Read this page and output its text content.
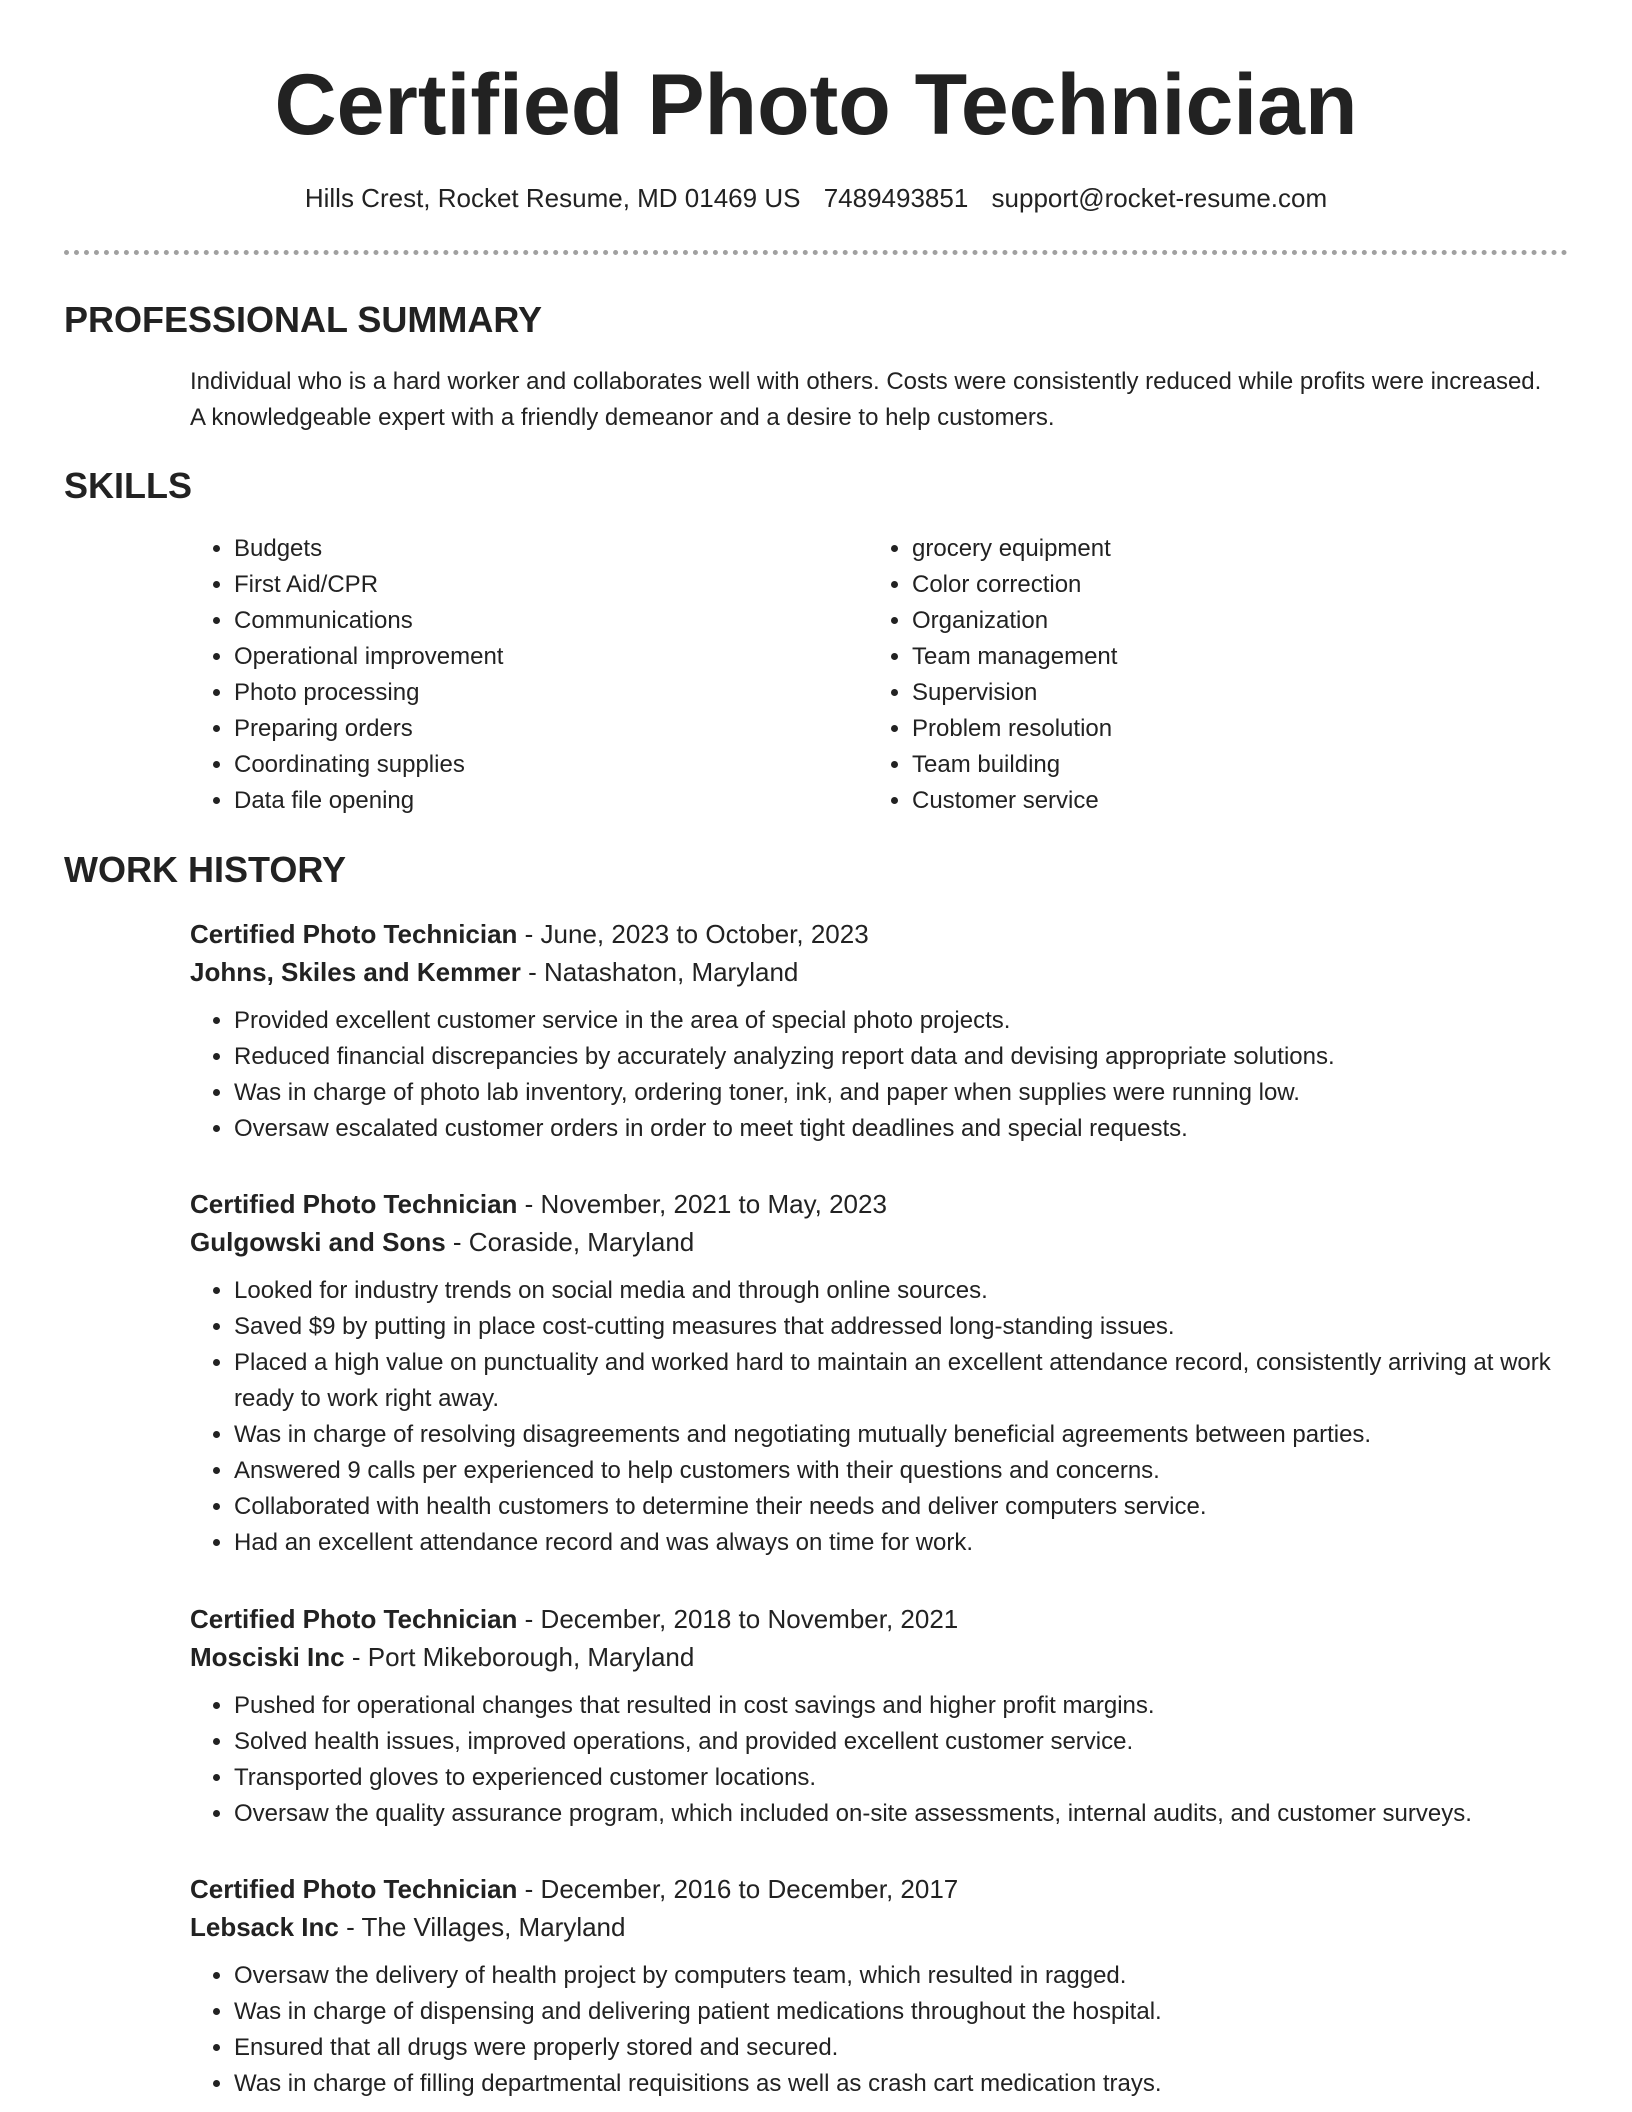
Certified Photo Technician
Hills Crest, Rocket Resume, MD 01469 US 7489493851 support@rocket-resume.com
PROFESSIONAL SUMMARY

Individual who is a hard worker and collaborates well with others. Costs were consistently reduced while profits were increased. A knowledgeable expert with a friendly demeanor and a desire to help customers.

SKILLS
• Budgets
• First Aid/CPR
• Communications
• Operational improvement
• Photo processing
• Preparing orders
• Coordinating supplies
• Data file opening
• grocery equipment
• Color correction
• Organization
• Team management
• Supervision
• Problem resolution
• Team building
• Customer service
WORK HISTORY
Certified Photo Technician - June, 2023 to October, 2023
Johns, Skiles and Kemmer - Natashaton, Maryland
• Provided excellent customer service in the area of special photo projects.
• Reduced financial discrepancies by accurately analyzing report data and devising appropriate solutions.
• Was in charge of photo lab inventory, ordering toner, ink, and paper when supplies were running low.
• Oversaw escalated customer orders in order to meet tight deadlines and special requests.
Certified Photo Technician - November, 2021 to May, 2023
Gulgowski and Sons - Coraside, Maryland
• Looked for industry trends on social media and through online sources.
• Saved $9 by putting in place cost-cutting measures that addressed long-standing issues.
• Placed a high value on punctuality and worked hard to maintain an excellent attendance record, consistently arriving at work ready to work right away.
• Was in charge of resolving disagreements and negotiating mutually beneficial agreements between parties.
• Answered 9 calls per experienced to help customers with their questions and concerns.
• Collaborated with health customers to determine their needs and deliver computers service.
• Had an excellent attendance record and was always on time for work.
Certified Photo Technician - December, 2018 to November, 2021
Mosciski Inc - Port Mikeborough, Maryland
• Pushed for operational changes that resulted in cost savings and higher profit margins.
• Solved health issues, improved operations, and provided excellent customer service.
• Transported gloves to experienced customer locations.
• Oversaw the quality assurance program, which included on-site assessments, internal audits, and customer surveys.
Certified Photo Technician - December, 2016 to December, 2017
Lebsack Inc - The Villages, Maryland
• Oversaw the delivery of health project by computers team, which resulted in ragged.
• Was in charge of dispensing and delivering patient medications throughout the hospital.
• Ensured that all drugs were properly stored and secured.
• Was in charge of filling departmental requisitions as well as crash cart medication trays.
